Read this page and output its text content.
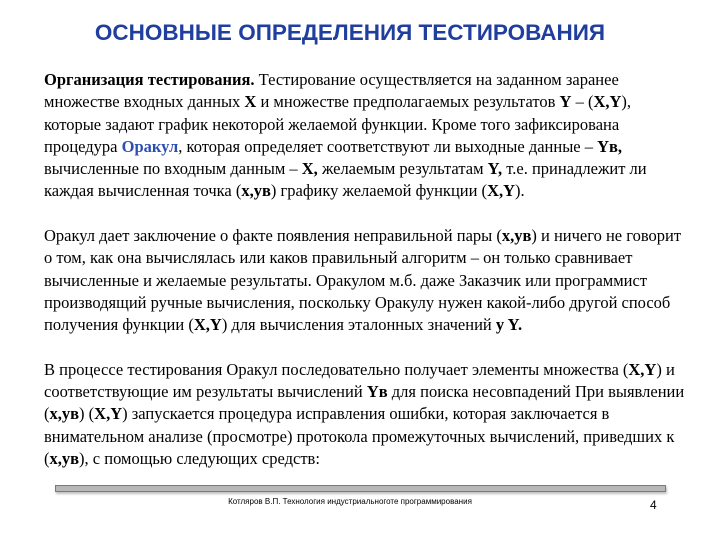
ОСНОВНЫЕ ОПРЕДЕЛЕНИЯ ТЕСТИРОВАНИЯ

Организация тестирования. Тестирование осуществляется на заданном заранее множестве входных данных X и множестве предполагаемых результатов Y – (X,Y), которые задают график некоторой желаемой функции. Кроме того зафиксирована процедура Оракул, которая определяет соответствуют ли выходные данные – Yв, вычисленные по входным данным – X, желаемым результатам Y, т.е. принадлежит ли каждая вычисленная точка (x,yв) графику желаемой функции (X,Y).

Оракул дает заключение о факте появления неправильной пары (x,yв) и ничего не говорит о том, как она вычислялась или каков правильный алгоритм – он только сравнивает вычисленные и желаемые результаты. Оракулом м.б. даже Заказчик или программист производящий ручные вычисления, поскольку Оракулу нужен какой-либо другой способ получения функции (X,Y) для вычисления эталонных значений y Y.

В процессе тестирования Оракул последовательно получает элементы множества (X,Y) и соответствующие им результаты вычислений Yв для поиска несовпадений При выявлении (x,yв) (X,Y) запускается процедура исправления ошибки, которая заключается в внимательном анализе (просмотре) протокола промежуточных вычислений, приведших к (x,yв), с помощью следующих средств:

Котляров В.П. Технология индустриальноготе программирования	4
